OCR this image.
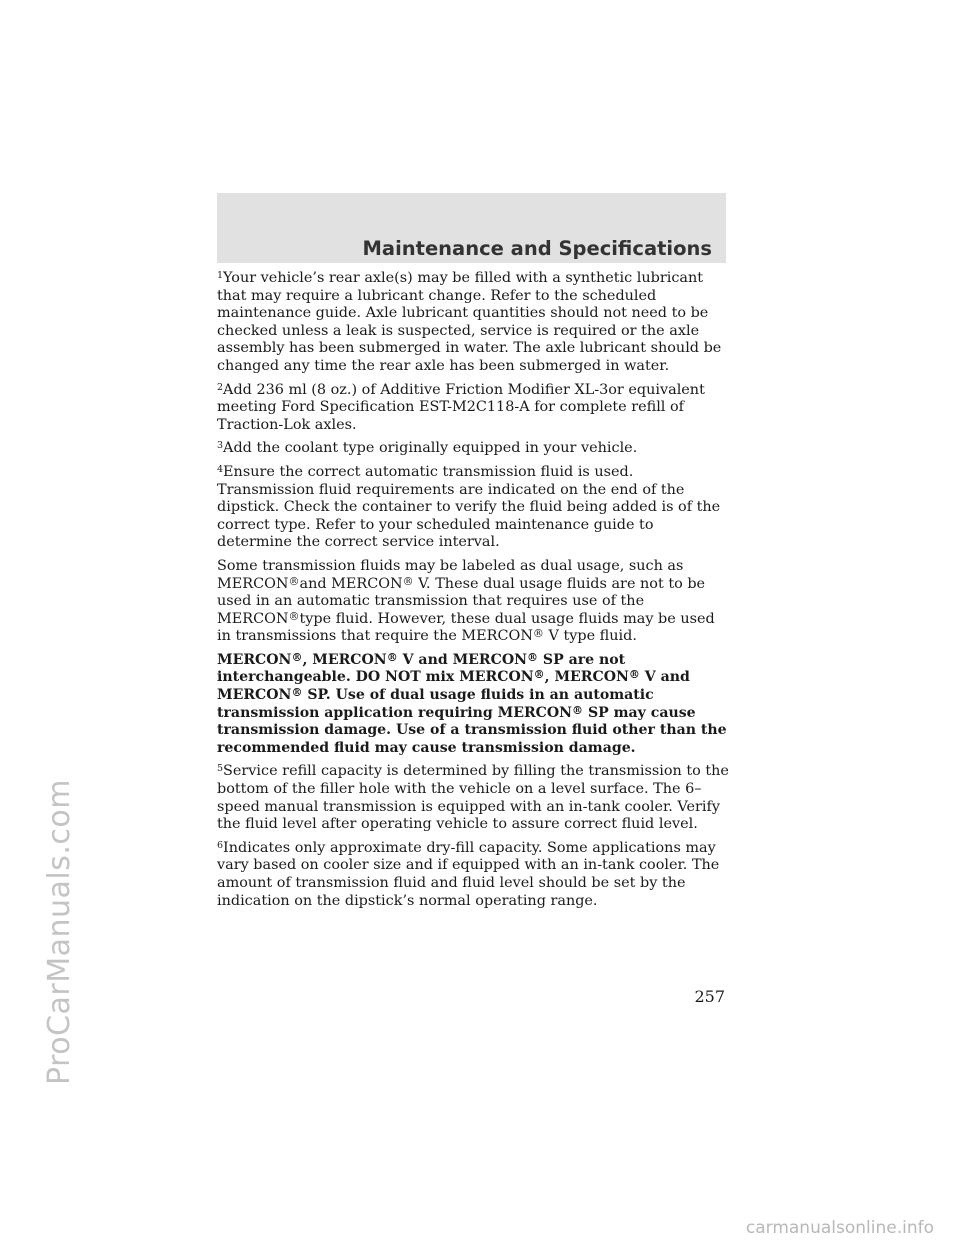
ProCarManuals.com
Maintenance and Specifications

$^1$Your vehicle’s rear axle(s) may be filled with a synthetic lubricant that may require a lubricant change. Refer to the scheduled maintenance guide. Axle lubricant quantities should not need to be checked unless a leak is suspected, service is required or the axle assembly has been submerged in water. The axle lubricant should be changed any time the rear axle has been submerged in water.

$^2$Add 236 ml (8 oz.) of Additive Friction Modifier XL-3or equivalent meeting Ford Specification EST-M2C118-A for complete refill of Traction-Lok axles.

$^3$Add the coolant type originally equipped in your vehicle.

$^4$Ensure the correct automatic transmission fluid is used. Transmission fluid requirements are indicated on the end of the dipstick. Check the container to verify the fluid being added is of the correct type. Refer to your scheduled maintenance guide to determine the correct service interval.

Some transmission fluids may be labeled as dual usage, such as MERCON®and MERCON® V. These dual usage fluids are not to be used in an automatic transmission that requires use of the MERCON®type fluid. However, these dual usage fluids may be used in transmissions that require the MERCON® V type fluid.

MERCON®, MERCON® V and MERCON® SP are not interchangeable. DO NOT mix MERCON®, MERCON® V and MERCON® SP. Use of dual usage fluids in an automatic transmission application requiring MERCON® SP may cause transmission damage. Use of a transmission fluid other than the recommended fluid may cause transmission damage.

$^5$Service refill capacity is determined by filling the transmission to the bottom of the filler hole with the vehicle on a level surface. The 6–speed manual transmission is equipped with an in-tank cooler. Verify the fluid level after operating vehicle to assure correct fluid level.

$^6$Indicates only approximate dry-fill capacity. Some applications may vary based on cooler size and if equipped with an in-tank cooler. The amount of transmission fluid and fluid level should be set by the indication on the dipstick’s normal operating range.

257
carmanualsonline.info
